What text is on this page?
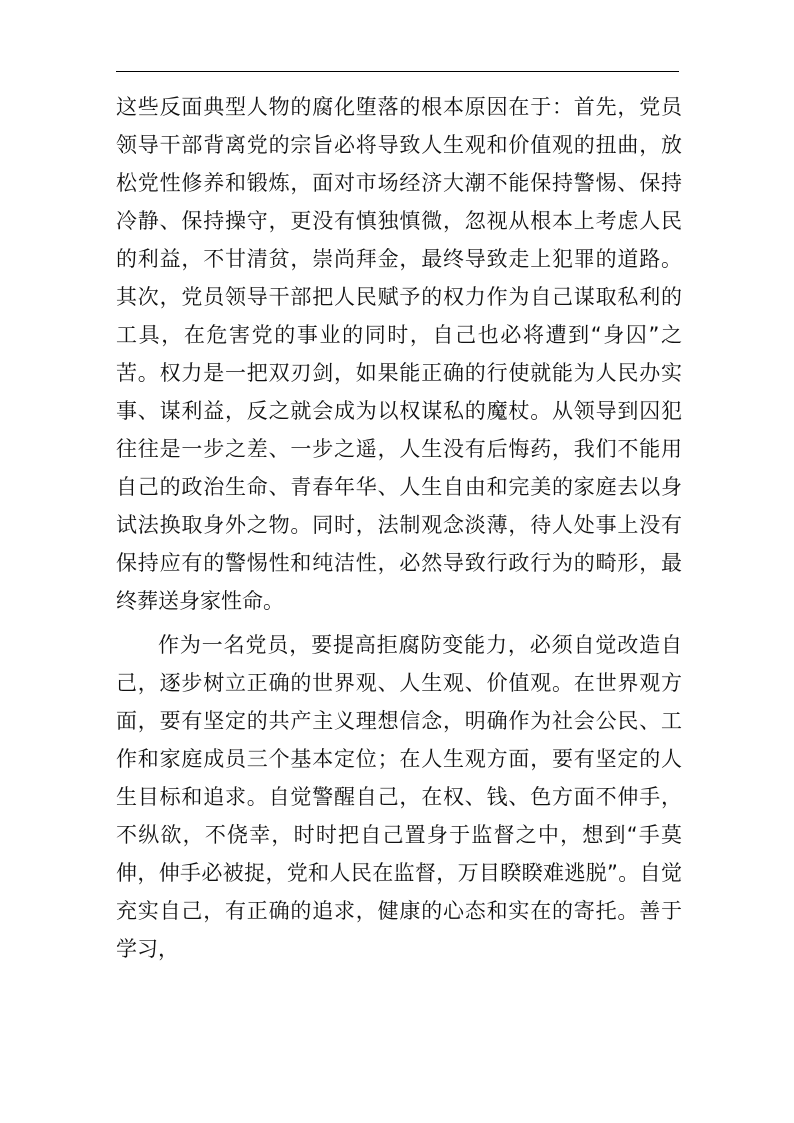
这些反面典型人物的腐化堕落的根本原因在于：首先，党员领导干部背离党的宗旨必将导致人生观和价值观的扭曲，放松党性修养和锻炼，面对市场经济大潮不能保持警惕、保持冷静、保持操守，更没有慎独慎微，忽视从根本上考虑人民的利益，不甘清贫，崇尚拜金，最终导致走上犯罪的道路。其次，党员领导干部把人民赋予的权力作为自己谋取私利的工具，在危害党的事业的同时，自己也必将遭到“身囚”之苦。权力是一把双刃剑，如果能正确的行使就能为人民办实事、谋利益，反之就会成为以权谋私的魔杖。从领导到囚犯往往是一步之差、一步之遥，人生没有后悔药，我们不能用自己的政治生命、青春年华、人生自由和完美的家庭去以身试法换取身外之物。同时，法制观念淡薄，待人处事上没有保持应有的警惕性和纯洁性，必然导致行政行为的畸形，最终葬送身家性命。

作为一名党员，要提高拒腐防变能力，必须自觉改造自己，逐步树立正确的世界观、人生观、价值观。在世界观方面，要有坚定的共产主义理想信念，明确作为社会公民、工作和家庭成员三个基本定位；在人生观方面，要有坚定的人生目标和追求。自觉警醒自己，在权、钱、色方面不伸手，不纵欲，不侥幸，时时把自己置身于监督之中，想到“手莫伸，伸手必被捉，党和人民在监督，万目睽睽难逃脱”。自觉充实自己，有正确的追求，健康的心态和实在的寄托。善于学习，
